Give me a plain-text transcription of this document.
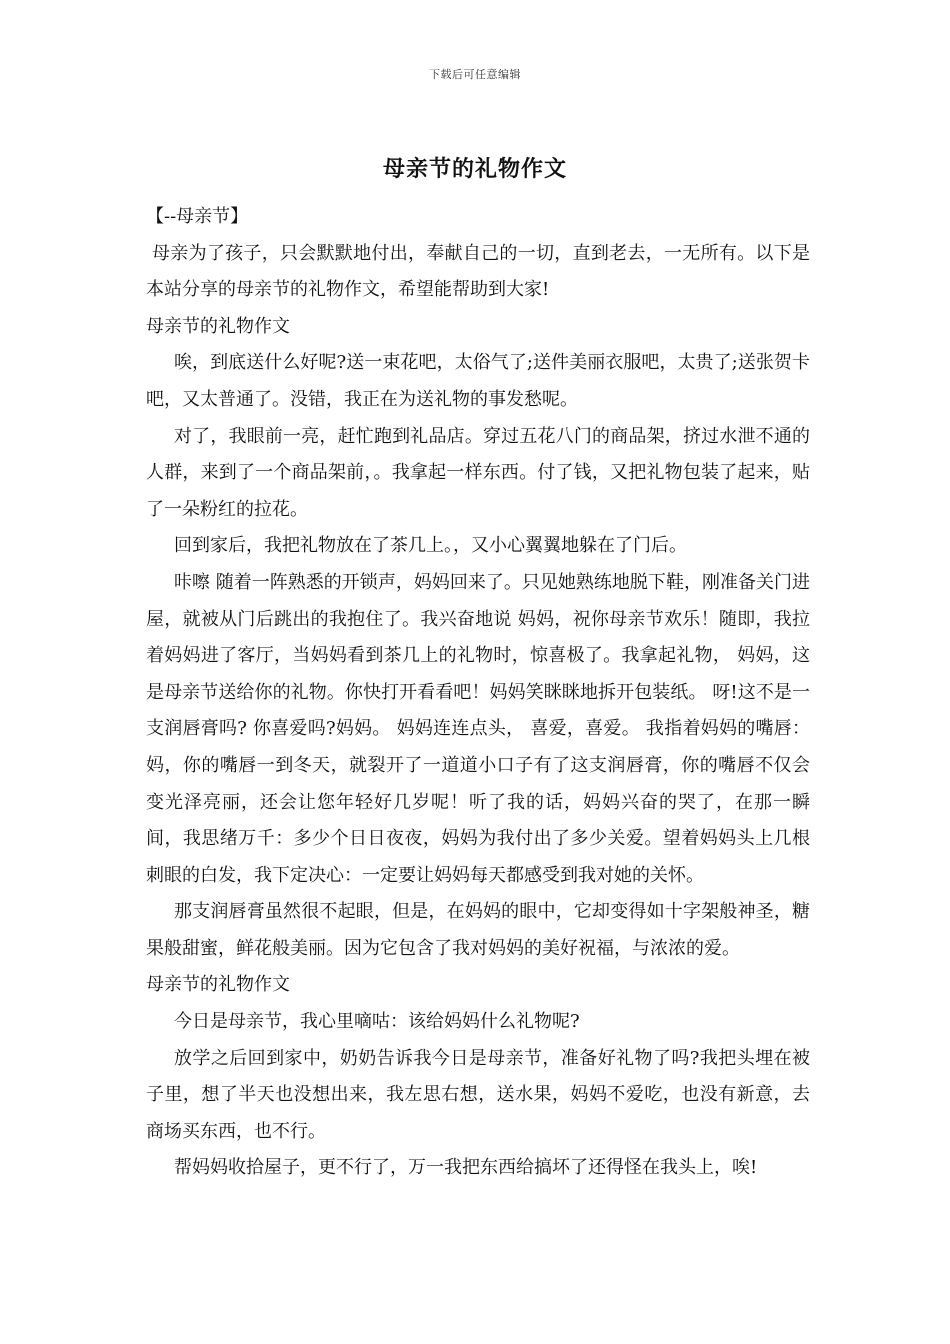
下载后可任意编辑
母亲节的礼物作文

【--母亲节】

母亲为了孩子，只会默默地付出，奉献自己的一切，直到老去，一无所有。以下是本站分享的母亲节的礼物作文，希望能帮助到大家!

母亲节的礼物作文

唉，到底送什么好呢?送一束花吧，太俗气了;送件美丽衣服吧，太贵了;送张贺卡吧，又太普通了。没错，我正在为送礼物的事发愁呢。

对了，我眼前一亮，赶忙跑到礼品店。穿过五花八门的商品架，挤过水泄不通的人群，来到了一个商品架前，。我拿起一样东西。付了钱，又把礼物包装了起来，贴了一朵粉红的拉花。

回到家后，我把礼物放在了茶几上。，又小心翼翼地躲在了门后。

咔嚓 随着一阵熟悉的开锁声，妈妈回来了。只见她熟练地脱下鞋，刚准备关门进屋，就被从门后跳出的我抱住了。我兴奋地说 妈妈，祝你母亲节欢乐！随即，我拉着妈妈进了客厅，当妈妈看到茶几上的礼物时，惊喜极了。我拿起礼物， 妈妈，这是母亲节送给你的礼物。你快打开看看吧！妈妈笑眯眯地拆开包装纸。 呀!这不是一支润唇膏吗? 你喜爱吗?妈妈。 妈妈连连点头， 喜爱，喜爱。 我指着妈妈的嘴唇： 妈，你的嘴唇一到冬天，就裂开了一道道小口子有了这支润唇膏，你的嘴唇不仅会变光泽亮丽，还会让您年轻好几岁呢！听了我的话，妈妈兴奋的哭了，在那一瞬间，我思绪万千：多少个日日夜夜，妈妈为我付出了多少关爱。望着妈妈头上几根刺眼的白发，我下定决心：一定要让妈妈每天都感受到我对她的关怀。

那支润唇膏虽然很不起眼，但是，在妈妈的眼中，它却变得如十字架般神圣，糖果般甜蜜，鲜花般美丽。因为它包含了我对妈妈的美好祝福，与浓浓的爱。

母亲节的礼物作文

今日是母亲节，我心里嘀咕：该给妈妈什么礼物呢?

放学之后回到家中，奶奶告诉我今日是母亲节，准备好礼物了吗?我把头埋在被子里，想了半天也没想出来，我左思右想，送水果，妈妈不爱吃，也没有新意，去商场买东西，也不行。

帮妈妈收拾屋子，更不行了，万一我把东西给搞坏了还得怪在我头上，唉!
